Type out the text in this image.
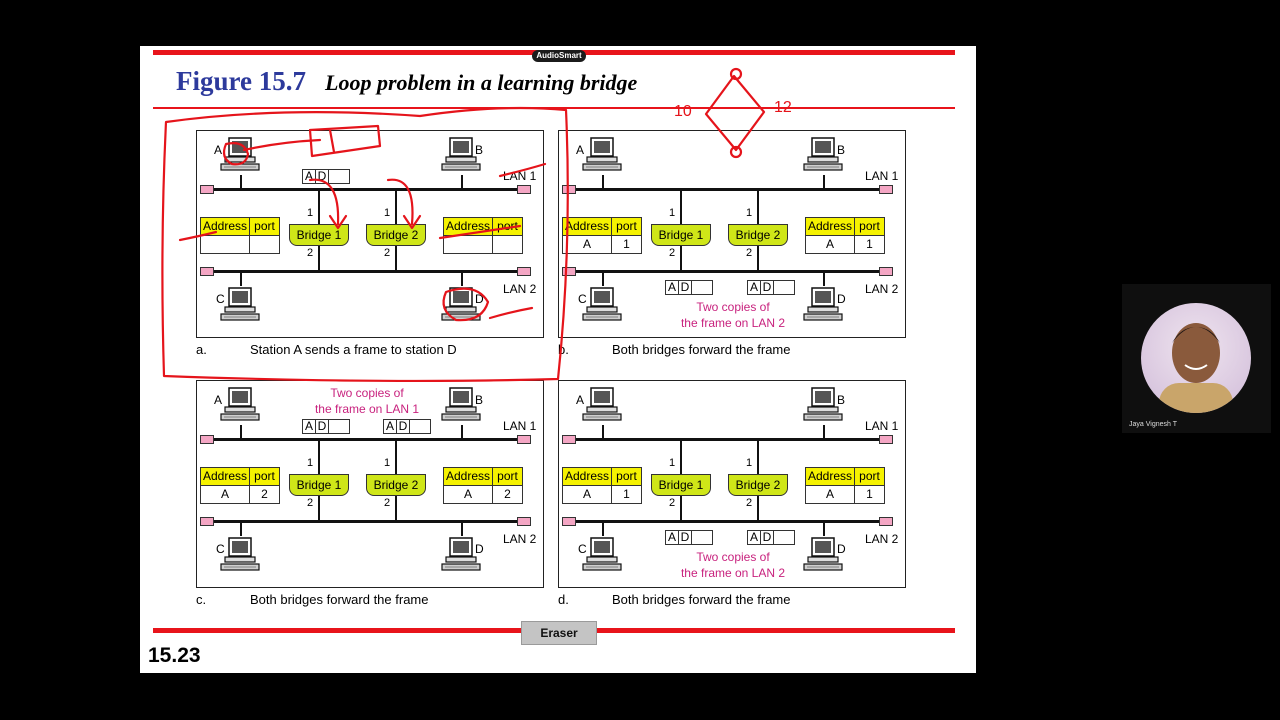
AudioSmart
Figure 15.7 Loop problem in a learning bridge
LAN 1
LAN 2
A	B
C	D
Bridge 1
1
2
Bridge 2
1
2
Address port	Address port
A D
a.	Station A sends a frame to station D
LAN 1
LAN 2
A	B
C	D
Bridge 1
1
2
Bridge 2
1
2
Address port
A	1
Address port
A	1
A D	A D
Two copies of
the frame on LAN 2
b.	Both bridges forward the frame
LAN 1
LAN 2
A	B
C	D
Bridge 1
1
2
Bridge 2
1
2
Address port
A	2
Address port
A	2
A D	A D
Two copies of
the frame on LAN 1
c.	Both bridges forward the frame
LAN 1
LAN 2
A	B
C	D
Bridge 1
1
2
Bridge 2
1
2
Address port
A	1
Address port
A	1
A D	A D
Two copies of
the frame on LAN 2
d.	Both bridges forward the frame
Eraser
15.23
10	12
Jaya Vignesh T
